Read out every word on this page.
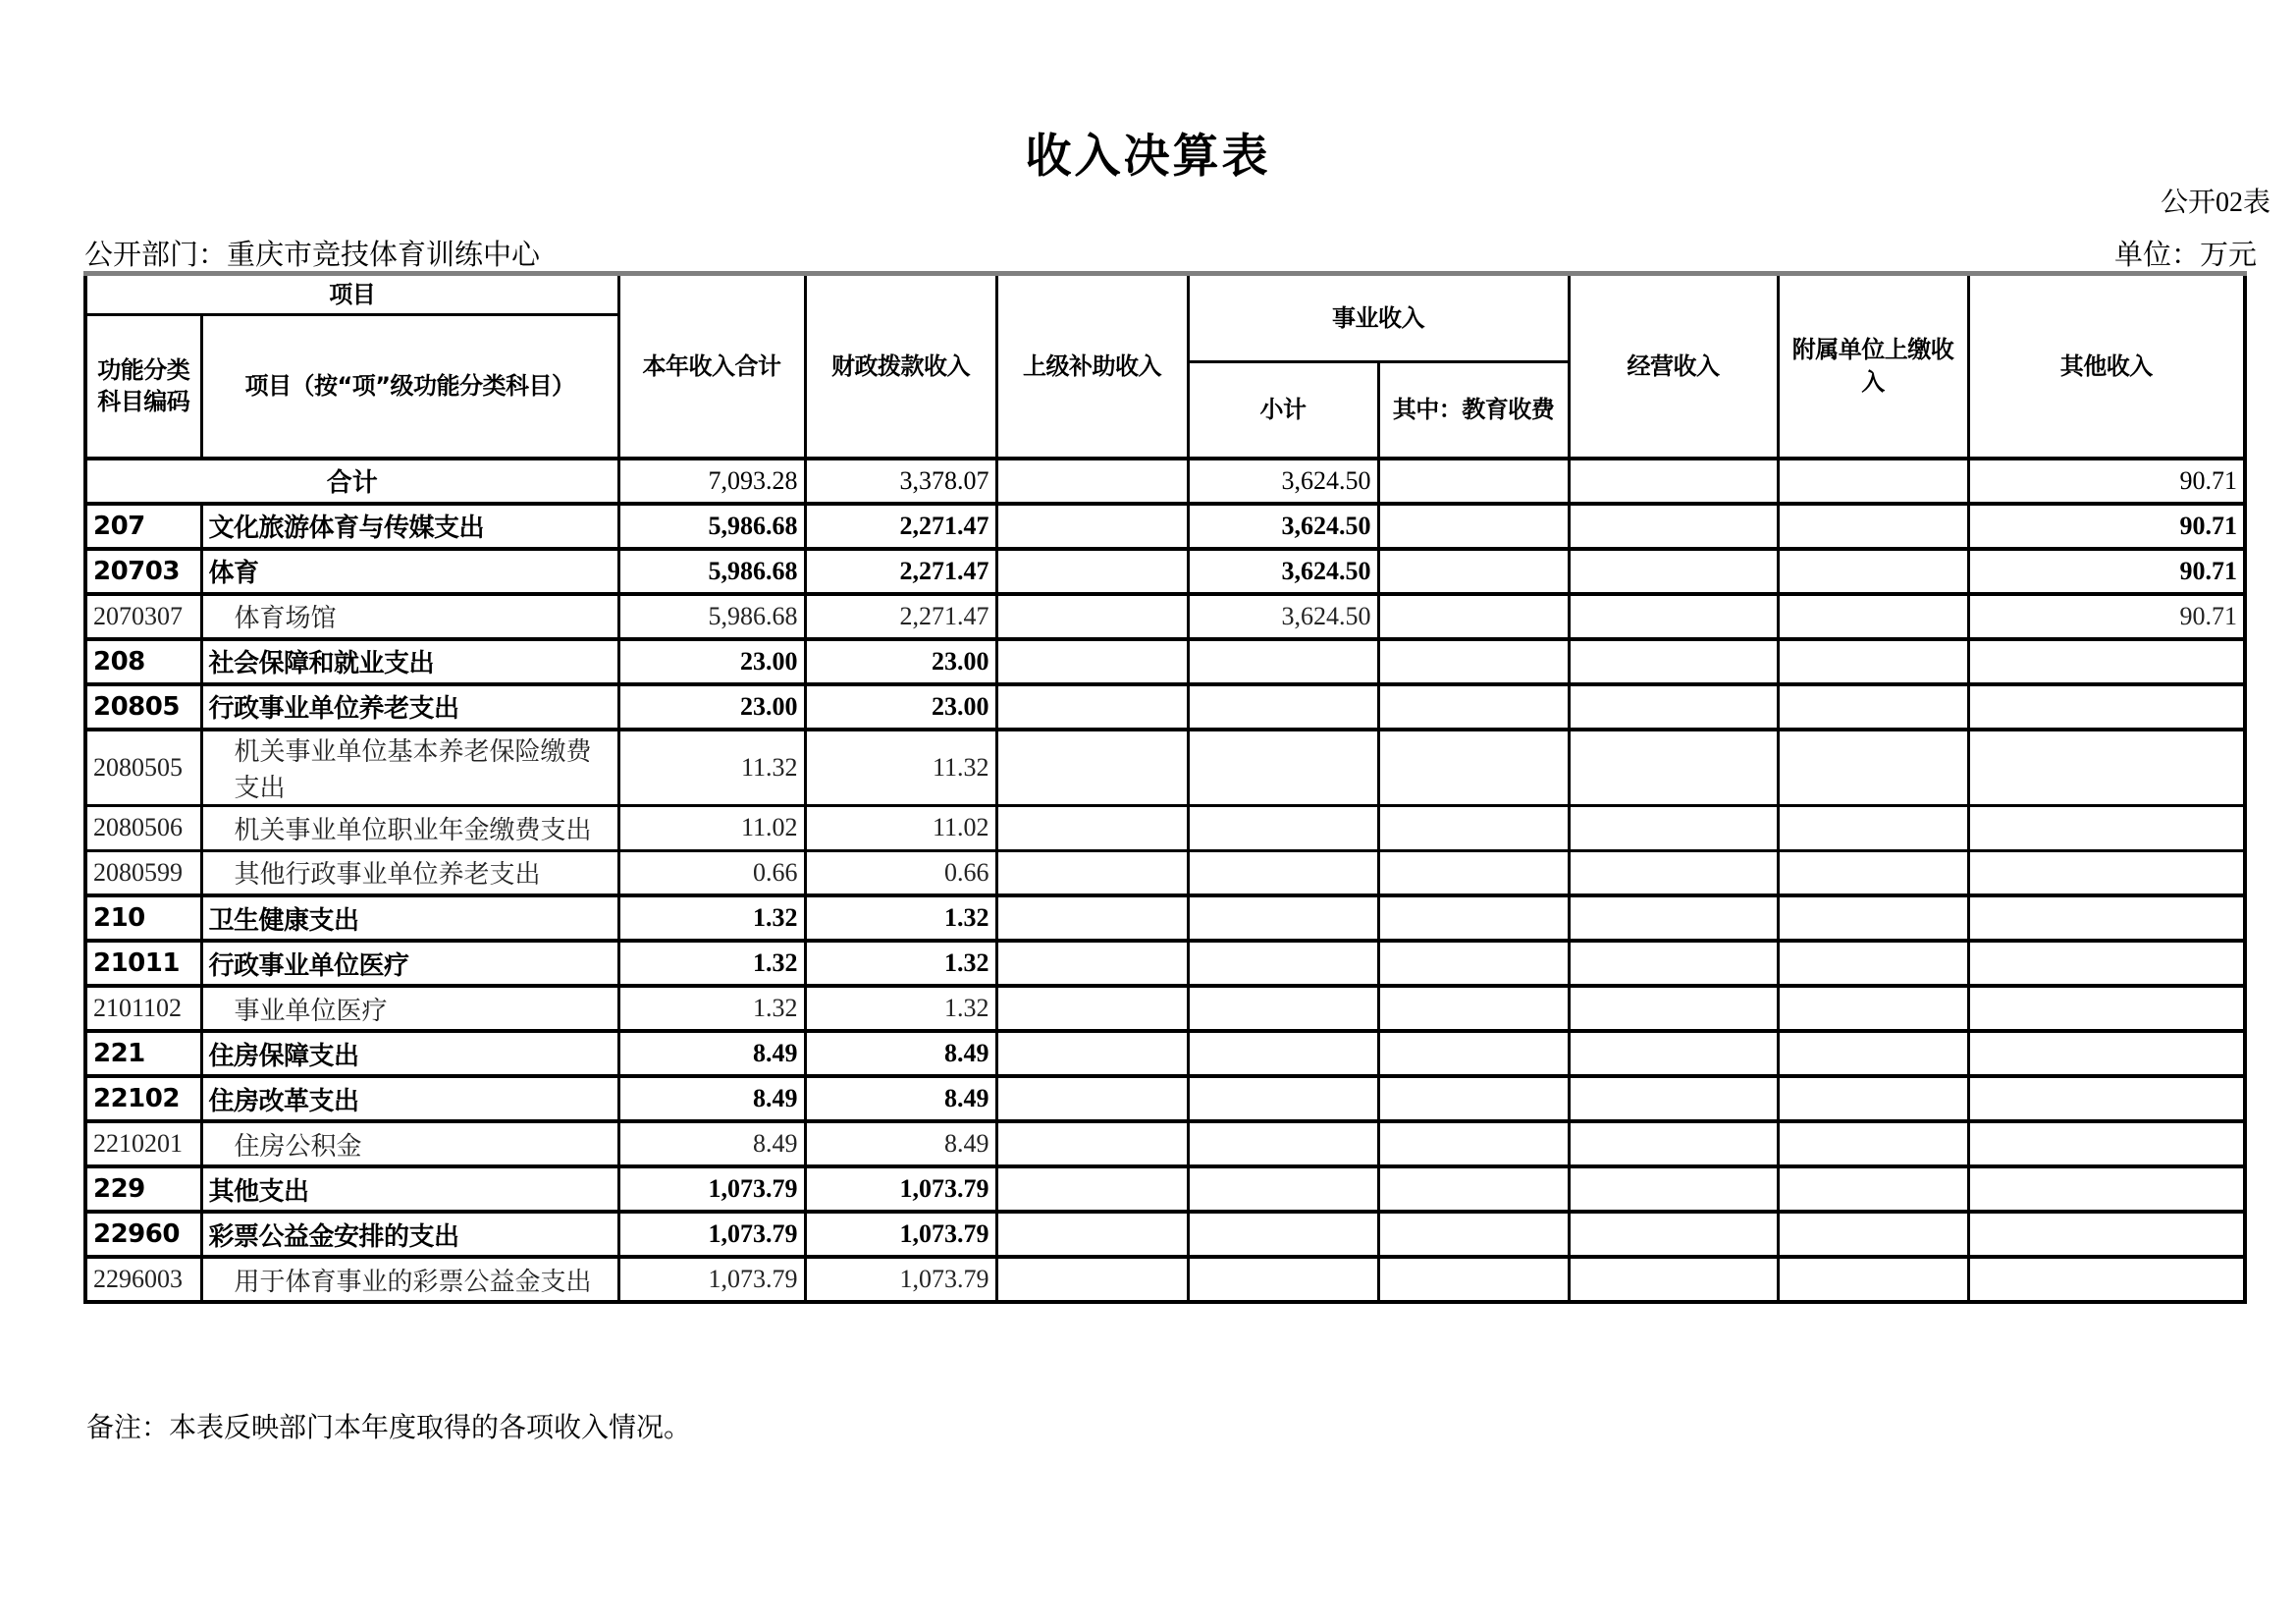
收入决算表
公开02表
公开部门：重庆市竞技体育训练中心	单位：万元
项目		本年收入合计	财政拨款收入	上级补助收入	事业收入		经营收入	附属单位上缴收入	其他收入
功能分类科目编码	项目（按“项”级功能分类科目）								
					小计	其中：教育收费			
合计		7,093.28	3,378.07		3,624.50				90.71
207	文化旅游体育与传媒支出	5,986.68	2,271.47		3,624.50				90.71
20703	体育	5,986.68	2,271.47		3,624.50				90.71
2070307	体育场馆	5,986.68	2,271.47		3,624.50				90.71
208	社会保障和就业支出	23.00	23.00						
20805	行政事业单位养老支出	23.00	23.00						
2080505	机关事业单位基本养老保险缴费支出	11.32	11.32						
2080506	机关事业单位职业年金缴费支出	11.02	11.02						
2080599	其他行政事业单位养老支出	0.66	0.66						
210	卫生健康支出	1.32	1.32						
21011	行政事业单位医疗	1.32	1.32						
2101102	事业单位医疗	1.32	1.32						
221	住房保障支出	8.49	8.49						
22102	住房改革支出	8.49	8.49						
2210201	住房公积金	8.49	8.49						
229	其他支出	1,073.79	1,073.79						
22960	彩票公益金安排的支出	1,073.79	1,073.79						
2296003	用于体育事业的彩票公益金支出	1,073.79	1,073.79						
备注：本表反映部门本年度取得的各项收入情况。
